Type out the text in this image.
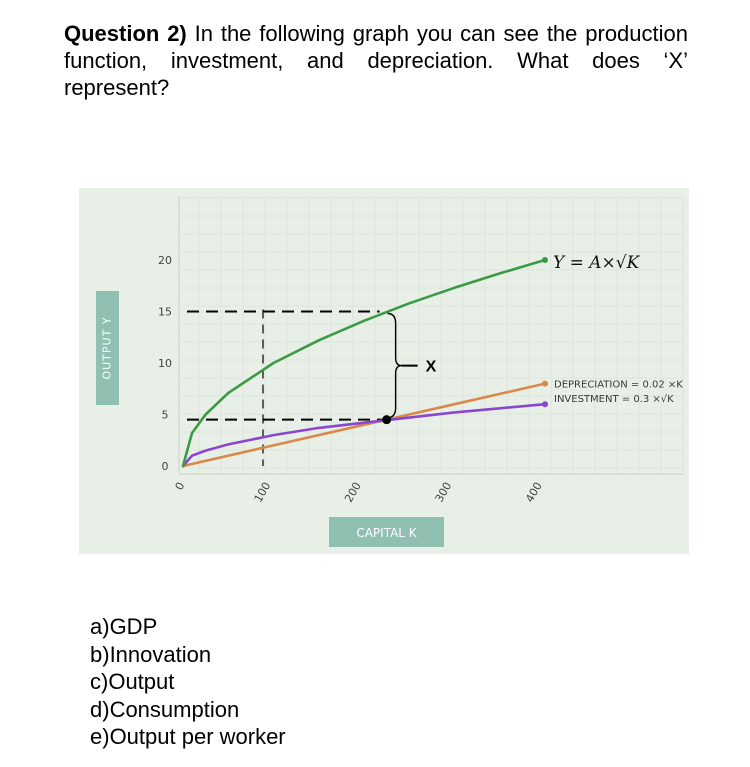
Question 2) In the following graph you can see the production function, investment, and depreciation. What does ‘X’ represent?

0
5
10
15
20
0	100	200	300	400
OUTPUT Y
CAPITAL K
X
Y = A×√K
DEPRECIATION = 0.02 ×K
INVESTMENT = 0.3 ×√K
a) GDP
b) Innovation
c) Output
d) Consumption
e) Output per worker
